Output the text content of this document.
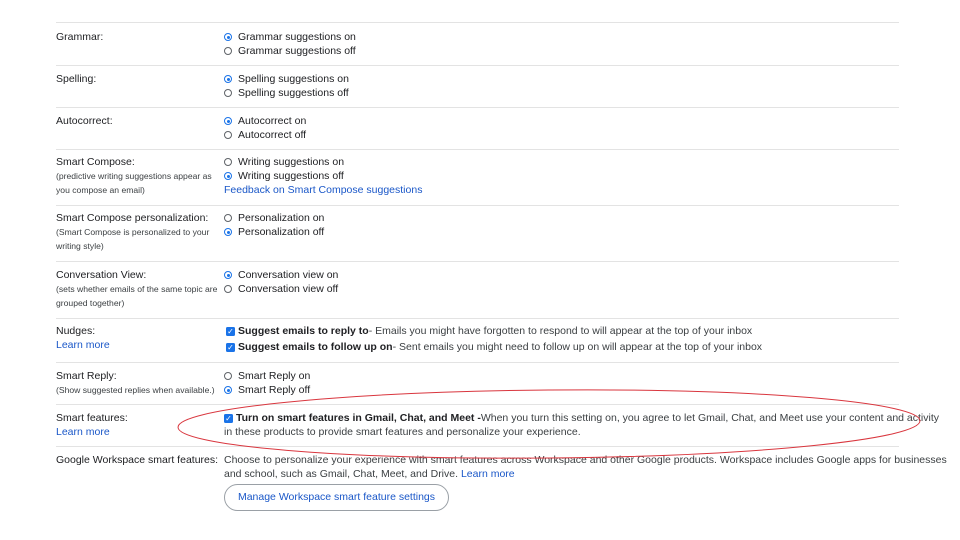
Grammar:	Grammar suggestions on
Grammar suggestions off
Spelling:	Spelling suggestions on
Spelling suggestions off
Autocorrect:	Autocorrect on
Autocorrect off
Smart Compose:
(predictive writing suggestions appear as
you compose an email)
Writing suggestions on
Writing suggestions off
Feedback on Smart Compose suggestions
Smart Compose personalization:
(Smart Compose is personalized to your
writing style)
Personalization on
Personalization off
Conversation View:
(sets whether emails of the same topic are
grouped together)
Conversation view on
Conversation view off
Nudges:
Learn more
✓ Suggest emails to reply to - Emails you might have forgotten to respond to will appear at the top of your inbox
✓ Suggest emails to follow up on - Sent emails you might need to follow up on will appear at the top of your inbox
Smart Reply:
(Show suggested replies when available.)
Smart Reply on
Smart Reply off
Smart features:
Learn more
✓ Turn on smart features in Gmail, Chat, and Meet - When you turn this setting on, you agree to let Gmail, Chat, and Meet use your content and activity
in these products to provide smart features and personalize your experience.
Google Workspace smart features: Choose to personalize your experience with smart features across Workspace and other Google products. Workspace includes Google apps for businesses
and school, such as Gmail, Chat, Meet, and Drive. Learn more
Manage Workspace smart feature settings
